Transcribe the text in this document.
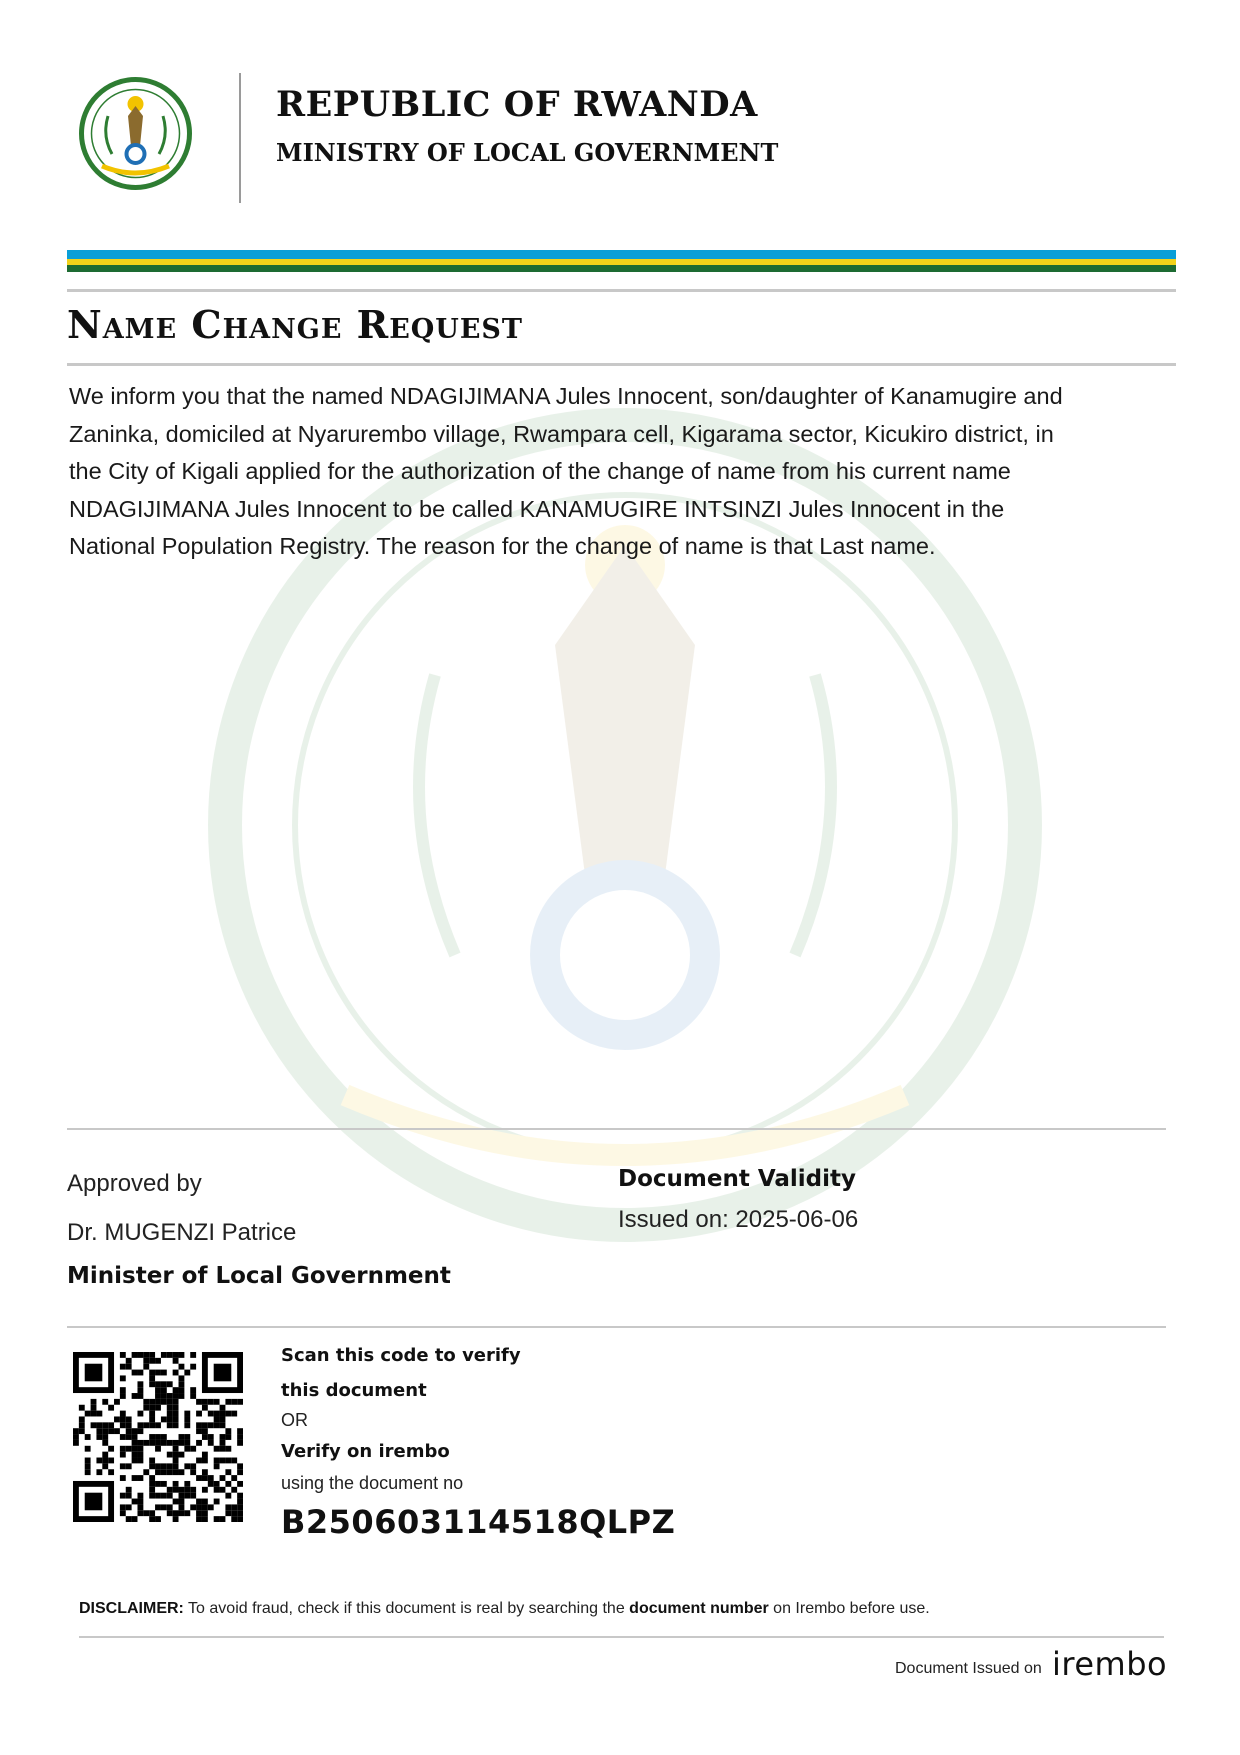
REPUBLIC OF RWANDA
MINISTRY OF LOCAL GOVERNMENT
Name Change Request
We inform you that the named NDAGIJIMANA Jules Innocent, son/daughter of Kanamugire and
Zaninka, domiciled at Nyarurembo village, Rwampara cell, Kigarama sector, Kicukiro district, in
the City of Kigali applied for the authorization of the change of name from his current name
NDAGIJIMANA Jules Innocent to be called KANAMUGIRE INTSINZI Jules Innocent in the
National Population Registry. The reason for the change of name is that Last name.
Approved by
Dr. MUGENZI Patrice
Minister of Local Government
Document Validity
Issued on: 2025-06-06
Scan this code to verify
this document
OR
Verify on irembo
using the document no
B250603114518QLPZ
DISCLAIMER: To avoid fraud, check if this document is real by searching the document number on Irembo before use.
Document Issued on irembo
